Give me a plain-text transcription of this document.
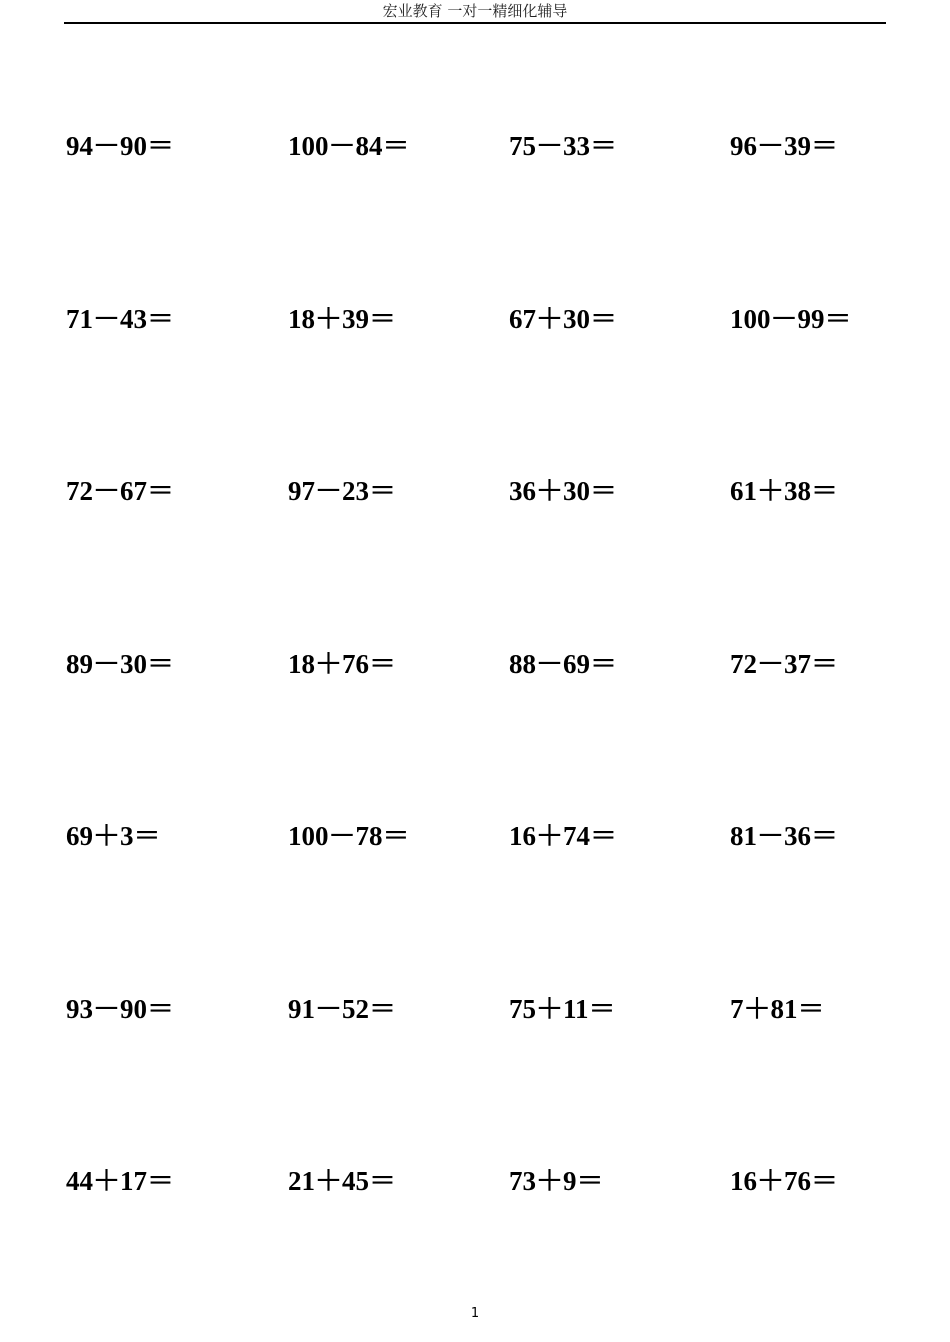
宏业教育 一对一精细化辅导
94－90＝	100－84＝	75－33＝	96－39＝
71－43＝	18＋39＝	67＋30＝	100－99＝
72－67＝	97－23＝	36＋30＝	61＋38＝
89－30＝	18＋76＝	88－69＝	72－37＝
69＋3＝	100－78＝	16＋74＝	81－36＝
93－90＝	91－52＝	75＋11＝	7＋81＝
44＋17＝	21＋45＝	73＋9＝	16＋76＝
1
